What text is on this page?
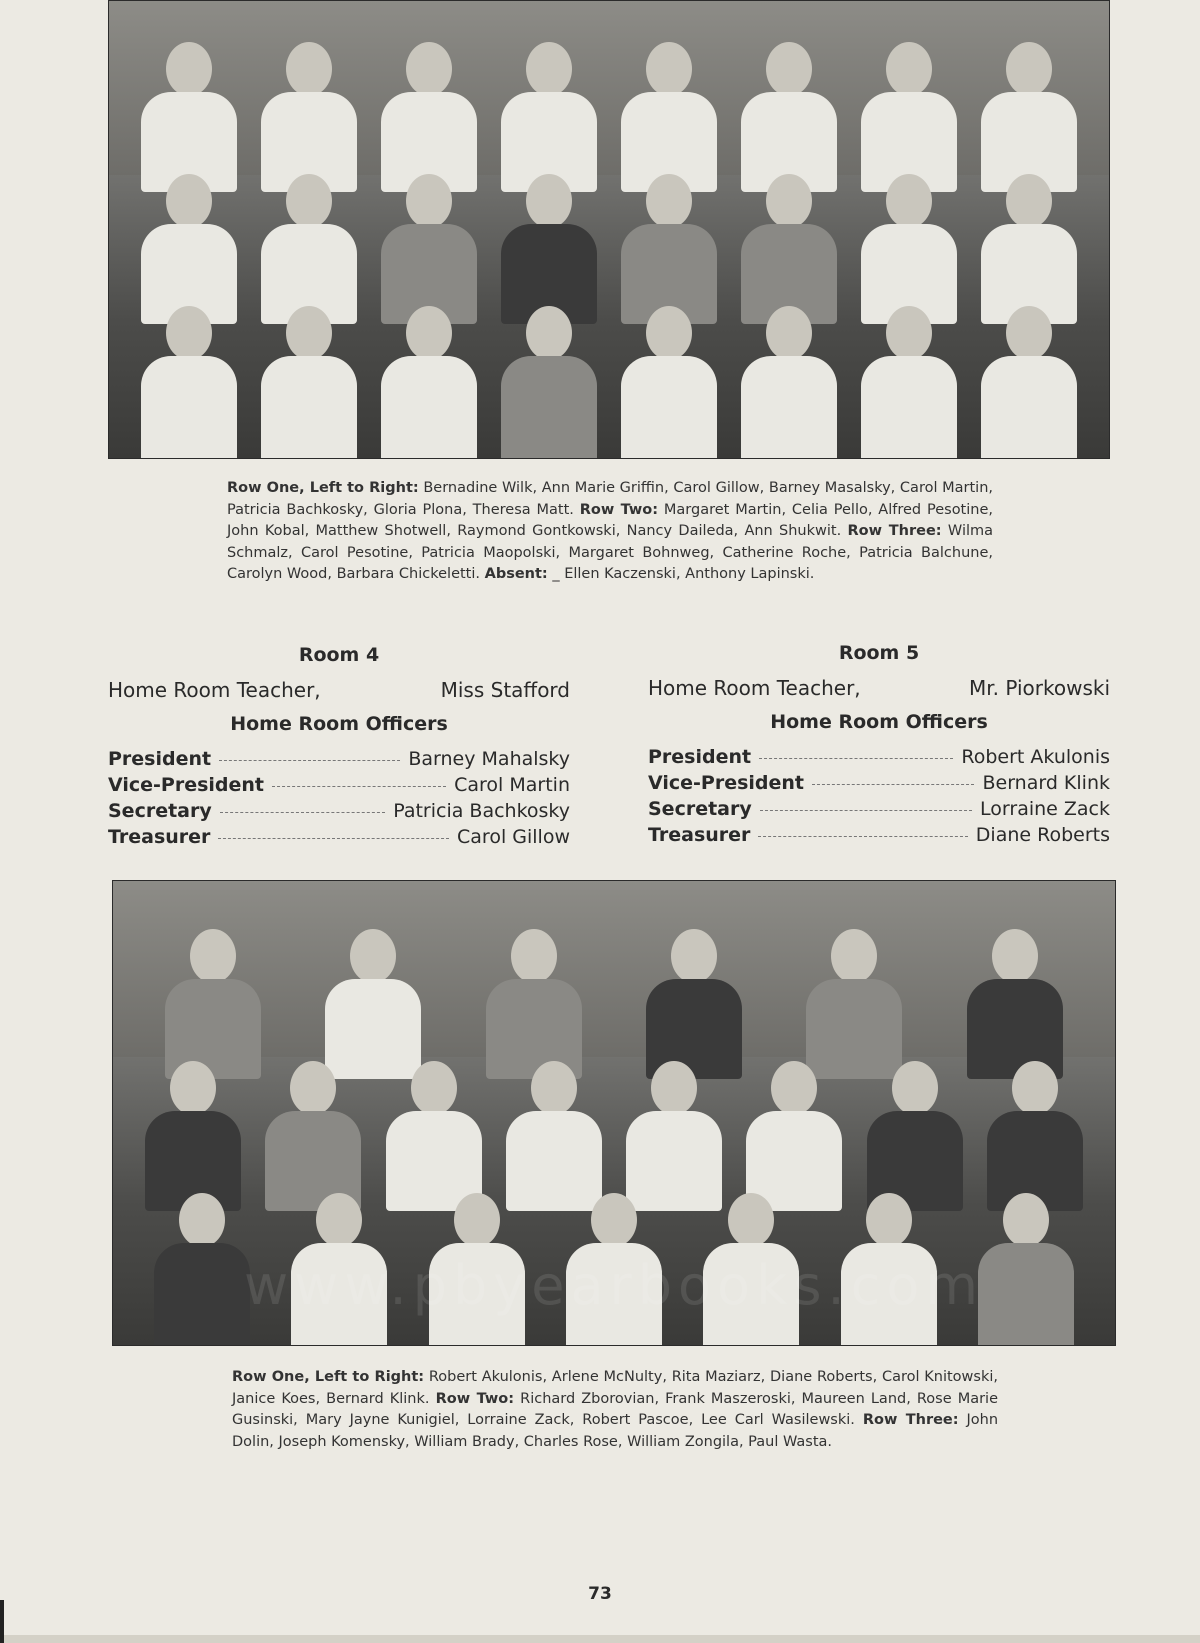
Row One, Left to Right: Bernadine Wilk, Ann Marie Griffin, Carol Gillow, Barney Masalsky, Carol Martin, Patricia Bachkosky, Gloria Plona, Theresa Matt. Row Two: Margaret Martin, Celia Pello, Alfred Pesotine, John Kobal, Matthew Shotwell, Raymond Gontkowski, Nancy Daileda, Ann Shukwit. Row Three: Wilma Schmalz, Carol Pesotine, Patricia Maopolski, Margaret Bohnweg, Catherine Roche, Patricia Balchune, Carolyn Wood, Barbara Chickeletti. Absent: _ Ellen Kaczenski, Anthony Lapinski.
Room 4
Home Room Teacher,	Miss Stafford
Home Room Officers
President	Barney Mahalsky
Vice-President	Carol Martin
Secretary	Patricia Bachkosky
Treasurer	Carol Gillow
Room 5
Home Room Teacher,	Mr. Piorkowski
Home Room Officers
President	Robert Akulonis
Vice-President	Bernard Klink
Secretary	Lorraine Zack
Treasurer	Diane Roberts
www.pbyearbooks.com
Row One, Left to Right: Robert Akulonis, Arlene McNulty, Rita Maziarz, Diane Roberts, Carol Knitowski, Janice Koes, Bernard Klink. Row Two: Richard Zborovian, Frank Maszeroski, Maureen Land, Rose Marie Gusinski, Mary Jayne Kunigiel, Lorraine Zack, Robert Pascoe, Lee Carl Wasilewski. Row Three: John Dolin, Joseph Komensky, William Brady, Charles Rose, William Zongila, Paul Wasta.
73
